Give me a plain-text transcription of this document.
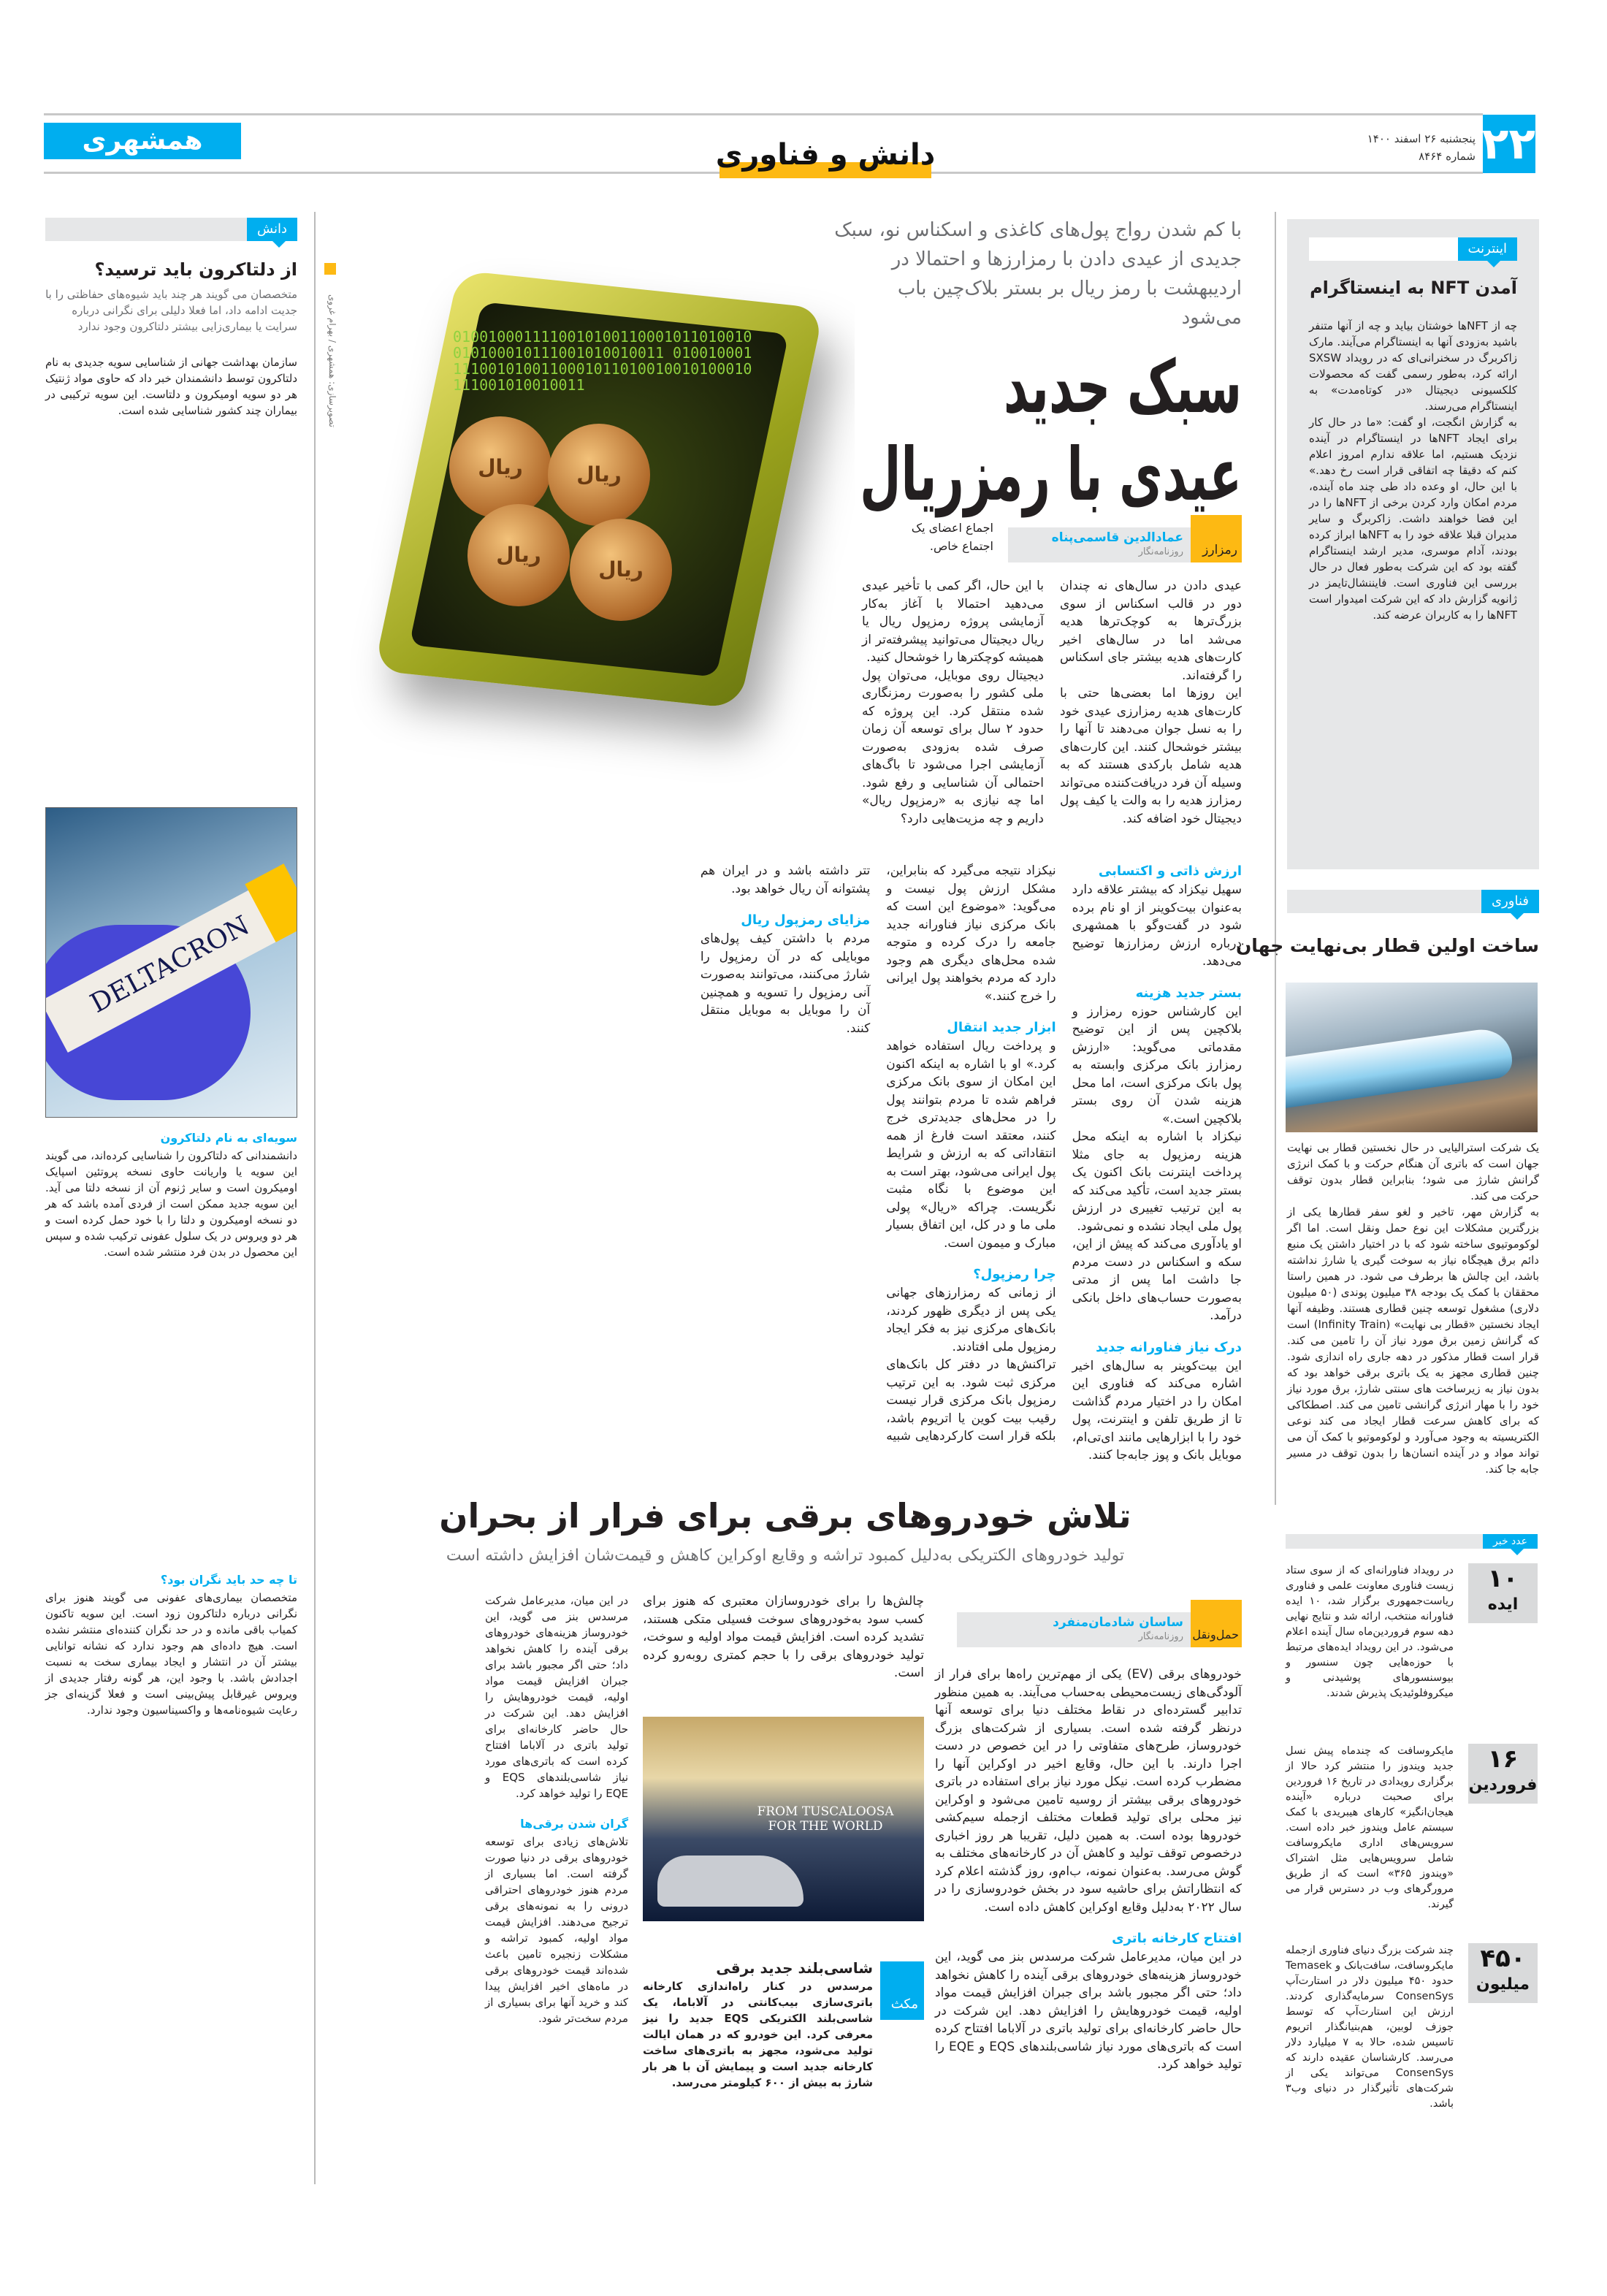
۲۲
پنجشنبه ۲۶ اسفند ۱۴۰۰
شماره ۸۴۶۴
دانش و فناوری
همشهری
با کم شدن رواج پول‌های کاغذی و اسکناس نو، سبک جدیدی از عیدی دادن با رمزارزها و احتمالا در اردیبهشت با رمز ریال بر بستر بلاک‌چین باب می‌شود
سبک جدید
عیدی با رمزریال
0100100011110010100110001011010010010100010111001010010011 0100100011110010100110001011010010010100010111001010010011
ریال	ریال
ریال
ریال
تصویرسازی: همشهری / بهرام غروی
عمادالدین قاسمی‌پناه
روزنامه‌نگار	رمزارز
اجماع اعضای یک اجتماع خاص.

عیدی دادن در سال‌های نه چندان دور در قالب اسکناس از سوی بزرگ‌ترها به کوچک‌ترها هدیه می‌شد اما در سال‌های اخیر کارت‌های هدیه بیشتر جای اسکناس را گرفته‌اند.

این روزها اما بعضی‌ها حتی با کارت‌های هدیه رمزارزی عیدی خود را به نسل جوان می‌دهند تا آنها را بیشتر خوشحال کنند. این کارت‌های هدیه شامل بارکدی هستند که به وسیله آن فرد دریافت‌کننده می‌تواند رمزارز هدیه را به والت یا کیف پول دیجیتال خود اضافه کند.

با این حال، اگر کمی با تأخیر عیدی می‌دهید احتمالا با آغاز به‌کار آزمایشی پروژه رمزپول ریال یا ریال دیجیتال می‌توانید پیشرفته‌تر از همیشه کوچکترها را خوشحال کنید.

دیجیتال روی موبایل، می‌توان پول ملی کشور را به‌صورت رمزنگاری شده منتقل کرد. این پروژه که حدود ۲ سال برای توسعه آن زمان صرف شده به‌زودی به‌صورت آزمایشی اجرا می‌شود تا باگ‌های احتمالی آن شناسایی و رفع شود. اما چه نیازی به «رمزپول ریال» داریم و چه مزیت‌هایی دارد؟

ارزش ذاتی و اکتسابی

سهیل نیکزاد که بیشتر علاقه دارد به‌عنوان بیت‌کوینر از او نام برده شود در گفت‌وگو با همشهری درباره ارزش رمزارزها توضیح می‌دهد.

بستر جدید هزینه

این کارشناس حوزه رمزارز و بلاکچین پس از این توضیح مقدماتی می‌گوید: «ارزش رمزارز بانک مرکزی وابسته به پول بانک مرکزی است، اما محل هزینه شدن آن روی بستر بلاکچین است.»

نیکزاد با اشاره به اینکه محل هزینه رمزپول به جای مثلا پرداخت اینترنت بانک اکنون یک بستر جدید است، تأکید می‌کند که به این ترتیب تغییری در ارزش پول ملی ایجاد نشده و نمی‌شود.

او یادآوری می‌کند که پیش از این، سکه و اسکناس در دست مردم جا داشت اما پس از مدتی به‌صورت حساب‌های داخل بانکی درآمد.

درک نیاز فناورانه جدید

این بیت‌کوینر به سال‌های اخیر اشاره می‌کند که فناوری این امکان را در اختیار مردم گذاشت تا از طریق تلفن و اینترنت، پول خود را با ابزارهایی مانند ای‌تی‌ام، موبایل بانک و پوز جابه‌جا کنند.

نیکزاد نتیجه می‌گیرد که بنابراین، مشکل ارزش پول نیست و می‌گوید: «موضوع این است که بانک مرکزی نیاز فناورانه جدید جامعه را درک کرده و متوجه شده محل‌های دیگری هم وجود دارد که مردم بخواهند پول ایرانی را خرج کنند.»

ابزار جدید انتقال

و پرداخت ریال استفاده خواهد کرد.» او با اشاره به اینکه اکنون این امکان از سوی بانک مرکزی فراهم شده تا مردم بتوانند پول را در محل‌های جدیدتری خرج کنند، معتقد است فارغ از همه انتقاداتی که به ارزش و شرایط پول ایرانی می‌شود، بهتر است به این موضوع با نگاه مثبت نگریست. چراکه «ریال» پولی ملی ما و در کل، این اتفاق بسیار مبارک و میمون است.

چرا رمزپول؟

از زمانی که رمزارزهای جهانی یکی پس از دیگری ظهور کردند، بانک‌های مرکزی نیز به فکر ایجاد رمزپول ملی افتادند.

تراکنش‌ها در دفتر کل بانک‌های مرکزی ثبت شود. به این ترتیب رمزپول بانک مرکزی قرار نیست رقیب بیت کوین یا اتریوم باشد، بلکه قرار است کارکردهایی شبیه تتر داشته باشد و در ایران هم پشتوانه آن ریال خواهد بود.

مزایای رمزپول ریال

مردم با داشتن کیف پول‌های موبایلی که در آن رمزپول را شارژ می‌کنند، می‌توانند به‌صورت آنی رمزپول را تسویه و همچنین آن را موبایل به موبایل منتقل کنند.

اینترنت
آمدن NFT به اینستاگرام

چه از NFTها خوشتان بیاید و چه از آنها متنفر باشید به‌زودی آنها به اینستاگرام می‌آیند. مارک زاکربرگ در سخنرانی‌ای که در رویداد SXSW ارائه کرد، به‌طور رسمی گفت که محصولات کلکسیونی دیجیتال «در کوتاه‌مدت» به اینستاگرام می‌رسند.

به گزارش انگجت، او گفت: «ما در حال کار برای ایجاد NFTها در اینستاگرام در آینده نزدیک هستیم، اما علاقه ندارم امروز اعلام کنم که دقیقا چه اتفاقی قرار است رخ دهد.» با این حال، او وعده داد طی چند ماه آینده، مردم امکان وارد کردن برخی از NFTها را در این فضا خواهند داشت. زاکربرگ و سایر مدیران قبلا علاقه خود را به NFTها ابراز کرده بودند، آدام موسری، مدیر ارشد اینستاگرام گفته بود که این شرکت به‌طور فعال در حال بررسی این فناوری است. فایننشال‌تایمز در ژانویه گزارش داد که این شرکت امیدوار است NFTها را به کاربران عرضه کند.

فناوری
ساخت اولین قطار بی‌نهایت جهان

یک شرکت استرالیایی در حال نخستین قطار بی نهایت جهان است که باتری آن هنگام حرکت و با کمک انرژی گرانش شارژ می شود؛ بنابراین قطار بدون توقف حرکت می کند.

به گزارش مهر، تاخیر و لغو سفر قطارها یکی از بزرگترین مشکلات این نوع حمل ونقل است. اما اگر لوکوموتیوی ساخته شود که با در اختیار داشتن یک منبع دائم برق هیچگاه نیاز به سوخت گیری یا شارژ نداشته باشد، این چالش ها برطرف می شود. در همین راستا محققان با کمک یک بودجه ۳۸ میلیون پوندی (۵۰ میلیون دلاری) مشغول توسعه چنین قطاری هستند. وظیفه آنها ایجاد نخستین «قطار بی نهایت» (Infinity Train) است که گرانش زمین برق مورد نیاز آن را تامین می کند. قرار است قطار مذکور در دهه جاری راه اندازی شود. چنین قطاری مجهز به یک باتری برقی خواهد بود که بدون نیاز به زیرساخت های سنتی شارژ، برق مورد نیاز خود را با مهار انرژی گرانشی تامین می کند. اصطکاکی که برای کاهش سرعت قطار ایجاد می کند نوعی الکتریسیته به وجود می‌آورد و لوکوموتیو با کمک آن می تواند مواد و در آینده انسان‌ها را بدون توقف در مسیر جابه جا کند.

عدد خبر
۱۰
ایده
در رویداد فناورانه‌ای که از سوی ستاد زیست فناوری معاونت علمی و فناوری ریاست‌جمهوری برگزار شد، ۱۰ ایده فناورانه منتخب، ارائه شد و نتایج نهایی دهه سوم فروردین‌ماه سال آینده اعلام می‌شود. در این رویداد ایده‌های مرتبط با حوزه‌هایی چون سنسور و بیوسنسورهای پوشیدنی و میکروفلوئیدیک پذیرش شدند.
۱۶
فروردین
مایکروسافت که چندماه پیش نسل جدید ویندوز را منتشر کرد حالا از برگزاری رویدادی در تاریخ ۱۶ فروردین برای صحبت درباره «آینده هیجان‌انگیز» کارهای هیبریدی با کمک سیستم عامل ویندوز خبر داده است. سرویس‌های اداری مایکروسافت شامل سرویس‌هایی مثل اشتراک «ویندوز ۳۶۵» است که از طریق مرورگرهای وب در دسترس قرار می گیرند.
۴۵۰
میلیون
چند شرکت بزرگ دنیای فناوری ازجمله مایکروسافت، سافت‌بانک و Temasek حدود ۴۵۰ میلیون دلار در استارت‌آپ ConsenSys سرمایه‌گذاری کردند. ارزش این استارت‌آپ که توسط جوزف لوبین، هم‌بنیانگذار اتریوم تاسیس شده، حالا به ۷ میلیارد دلار می‌رسد. کارشناسان عقیده دارند که ConsenSys می‌تواند یکی از شرکت‌های تأثیرگذار در دنیای وب۳ باشد.
دانش
از دلتاکرون باید ترسید؟
متخصصان می گویند هر چند باید شیوه‌های حفاظتی را با جدیت ادامه داد، اما فعلا دلیلی برای نگرانی درباره سرایت یا بیماری‌زایی بیشتر دلتاکرون وجود ندارد
سازمان بهداشت جهانی از شناسایی سویه جدیدی به نام دلتاکرون توسط دانشمندان خبر داد که حاوی مواد ژنتیک هر دو سویه اومیکرون و دلتاست. این سویه ترکیبی در بیماران چند کشور شناسایی شده است.
DELTACRON
سویه‌ای به نام دلتاکرون

دانشمندانی که دلتاکرون را شناسایی کرده‌اند، می گویند این سویه یا واریانت حاوی نسخه پروتئین اسپایک اومیکرون است و سایر ژنوم آن از نسخه دلتا می آید. این سویه جدید ممکن است از فردی آمده باشد که هر دو نسخه اومیکرون و دلتا را با خود حمل کرده است و هر دو ویروس در یک سلول عفونی ترکیب شده و سپس این محصول در بدن فرد منتشر شده است.

تا چه حد باید نگران بود؟

متخصصان بیماری‌های عفونی می گویند هنوز برای نگرانی درباره دلتاکرون زود است. این سویه تاکنون کمیاب باقی مانده و در حد نگران کننده‌ای منتشر نشده است. هیچ داده‌ای هم وجود ندارد که نشانه توانایی بیشتر آن در انتشار و ایجاد بیماری سخت به نسبت اجدادش باشد. با وجود این، هر گونه رفتار جدیدی از ویروس غیرقابل پیش‌بینی است و فعلا گزینه‌ای جز رعایت شیوه‌نامه‌ها و واکسیناسیون وجود ندارد.

تلاش خودروهای برقی برای فرار از بحران
تولید خودروهای الکتریکی به‌دلیل کمبود تراشه و وقایع اوکراین کاهش و قیمت‌شان افزایش داشته است
ساسان شادمان‌منفرد
روزنامه‌نگار حمل‌ونقل

خودروهای برقی (EV) یکی از مهم‌ترین راه‌ها برای فرار از آلودگی‌های زیست‌محیطی به‌حساب می‌آیند. به همین منظور تدابیر گسترده‌ای در نقاط مختلف دنیا برای توسعه آنها درنظر گرفته شده است. بسیاری از شرکت‌های بزرگ خودروساز، طرح‌های متفاوتی را در این خصوص در دست اجرا دارند. با این حال، وقایع اخیر در اوکراین آنها را مضطرب کرده است. نیکل مورد نیاز برای استفاده در باتری خودروهای برقی بیشتر از روسیه تامین می‌شود و اوکراین نیز محلی برای تولید قطعات مختلف ازجمله سیم‌کشی خودروها بوده است. به همین دلیل، تقریبا هر روز اخباری درخصوص توقف تولید و کاهش آن در کارخانه‌های مختلف به گوش می‌رسد. به‌عنوان نمونه، ب‌ام‌و، روز گذشته اعلام کرد که انتظاراتش برای حاشیه سود در بخش خودروسازی را در سال ۲۰۲۲ به‌دلیل وقایع اوکراین کاهش داده است.

افتتاح کارخانه باتری

در این میان، مدیرعامل شرکت مرسدس بنز می گوید، این خودروساز هزینه‌های خودروهای برقی آینده را کاهش نخواهد داد؛ حتی اگر مجبور باشد برای جبران افزایش قیمت مواد اولیه، قیمت خودروهایش را افزایش دهد. این شرکت در حال حاضر کارخانه‌ای برای تولید باتری در آلاباما افتتاح کرده است که باتری‌های مورد نیاز شاسی‌بلندهای EQS و EQE را تولید خواهد کرد.

چالش‌ها را برای خودروسازان معتبری که هنوز برای کسب سود به‌خودروهای سوخت فسیلی متکی هستند، تشدید کرده است. افزایش قیمت مواد اولیه و سوخت، تولید خودروهای برقی را با حجم کمتری روبه‌رو کرده است.
FROM TUSCALOOSA FOR THE WORLD
مکث
شاسی‌بلند جدید برقی
مرسدس در کنار راه‌اندازی کارخانه باتری‌سازی بیب‌کانتی در آلاباما، یک شاسی‌بلند الکتریکی EQS جدید را نیز معرفی کرد. این خودرو که در همان ایالت تولید می‌شود، مجهز به باتری‌های ساخت کارخانه جدید است و پیمایش آن با هر بار شارژ به بیش از ۶۰۰ کیلومتر می‌رسد.

در این میان، مدیرعامل شرکت مرسدس بنز می گوید، این خودروساز هزینه‌های خودروهای برقی آینده را کاهش نخواهد داد؛ حتی اگر مجبور باشد برای جبران افزایش قیمت مواد اولیه، قیمت خودروهایش را افزایش دهد. این شرکت در حال حاضر کارخانه‌ای برای تولید باتری در آلاباما افتتاح کرده است که باتری‌های مورد نیاز شاسی‌بلندهای EQS و EQE را تولید خواهد کرد.

گران شدن برقی‌ها

تلاش‌های زیادی برای توسعه خودروهای برقی در دنیا صورت گرفته است. اما بسیاری از مردم هنوز خودروهای احتراقی درونی را به نمونه‌های برقی ترجیح می‌دهند. افزایش قیمت مواد اولیه، کمبود تراشه و مشکلات زنجیره تامین باعث شده‌اند قیمت خودروهای برقی در ماه‌های اخیر افزایش پیدا کند و خرید آنها برای بسیاری از مردم سخت‌تر شود.
